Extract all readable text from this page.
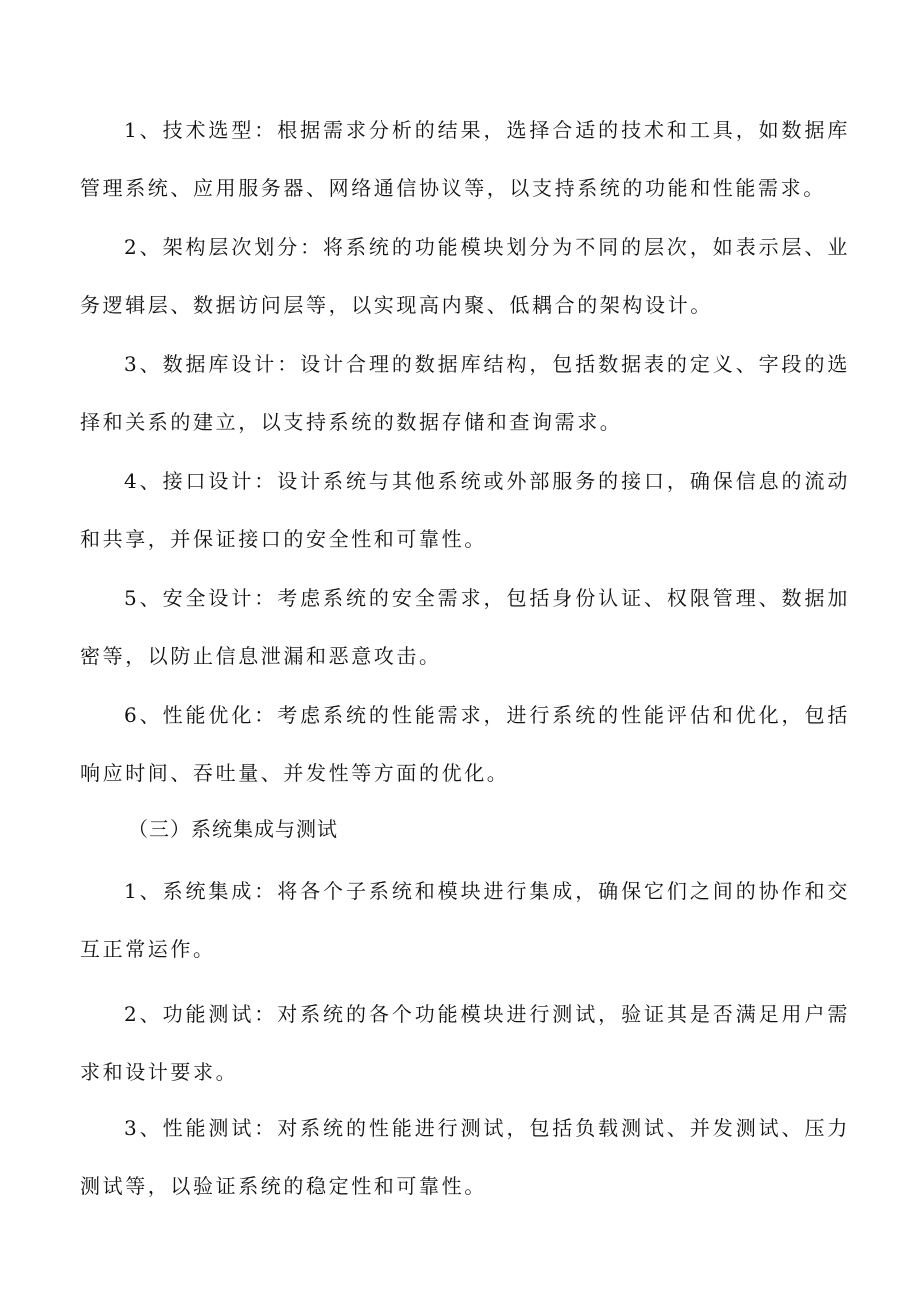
1、技术选型：根据需求分析的结果，选择合适的技术和工具，如数据库管理系统、应用服务器、网络通信协议等，以支持系统的功能和性能需求。

2、架构层次划分：将系统的功能模块划分为不同的层次，如表示层、业务逻辑层、数据访问层等，以实现高内聚、低耦合的架构设计。

3、数据库设计：设计合理的数据库结构，包括数据表的定义、字段的选择和关系的建立，以支持系统的数据存储和查询需求。

4、接口设计：设计系统与其他系统或外部服务的接口，确保信息的流动和共享，并保证接口的安全性和可靠性。

5、安全设计：考虑系统的安全需求，包括身份认证、权限管理、数据加密等，以防止信息泄漏和恶意攻击。

6、性能优化：考虑系统的性能需求，进行系统的性能评估和优化，包括响应时间、吞吐量、并发性等方面的优化。

（三）系统集成与测试

1、系统集成：将各个子系统和模块进行集成，确保它们之间的协作和交互正常运作。

2、功能测试：对系统的各个功能模块进行测试，验证其是否满足用户需求和设计要求。

3、性能测试：对系统的性能进行测试，包括负载测试、并发测试、压力测试等，以验证系统的稳定性和可靠性。
